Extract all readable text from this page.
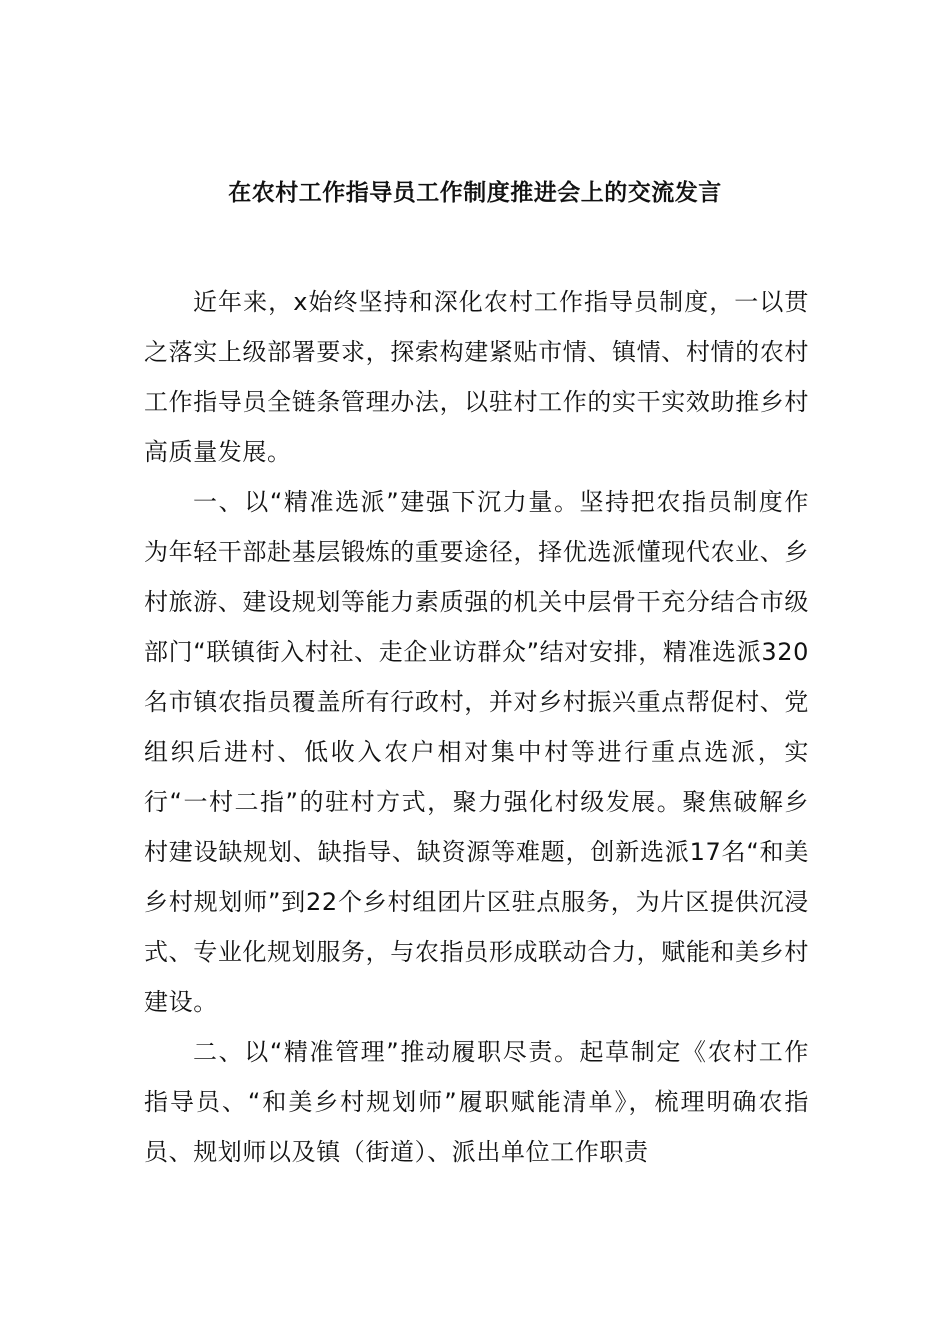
在农村工作指导员工作制度推进会上的交流发言

近年来，x始终坚持和深化农村工作指导员制度，一以贯之落实上级部署要求，探索构建紧贴市情、镇情、村情的农村工作指导员全链条管理办法，以驻村工作的实干实效助推乡村高质量发展。

一、以“精准选派”建强下沉力量。坚持把农指员制度作为年轻干部赴基层锻炼的重要途径，择优选派懂现代农业、乡村旅游、建设规划等能力素质强的机关中层骨干充分结合市级部门“联镇街入村社、走企业访群众”结对安排，精准选派320名市镇农指员覆盖所有行政村，并对乡村振兴重点帮促村、党组织后进村、低收入农户相对集中村等进行重点选派，实行“一村二指”的驻村方式，聚力强化村级发展。聚焦破解乡村建设缺规划、缺指导、缺资源等难题，创新选派17名“和美乡村规划师”到22个乡村组团片区驻点服务，为片区提供沉浸式、专业化规划服务，与农指员形成联动合力，赋能和美乡村建设。

二、以“精准管理”推动履职尽责。起草制定《农村工作指导员、“和美乡村规划师”履职赋能清单》，梳理明确农指员、规划师以及镇（街道）、派出单位工作职责
